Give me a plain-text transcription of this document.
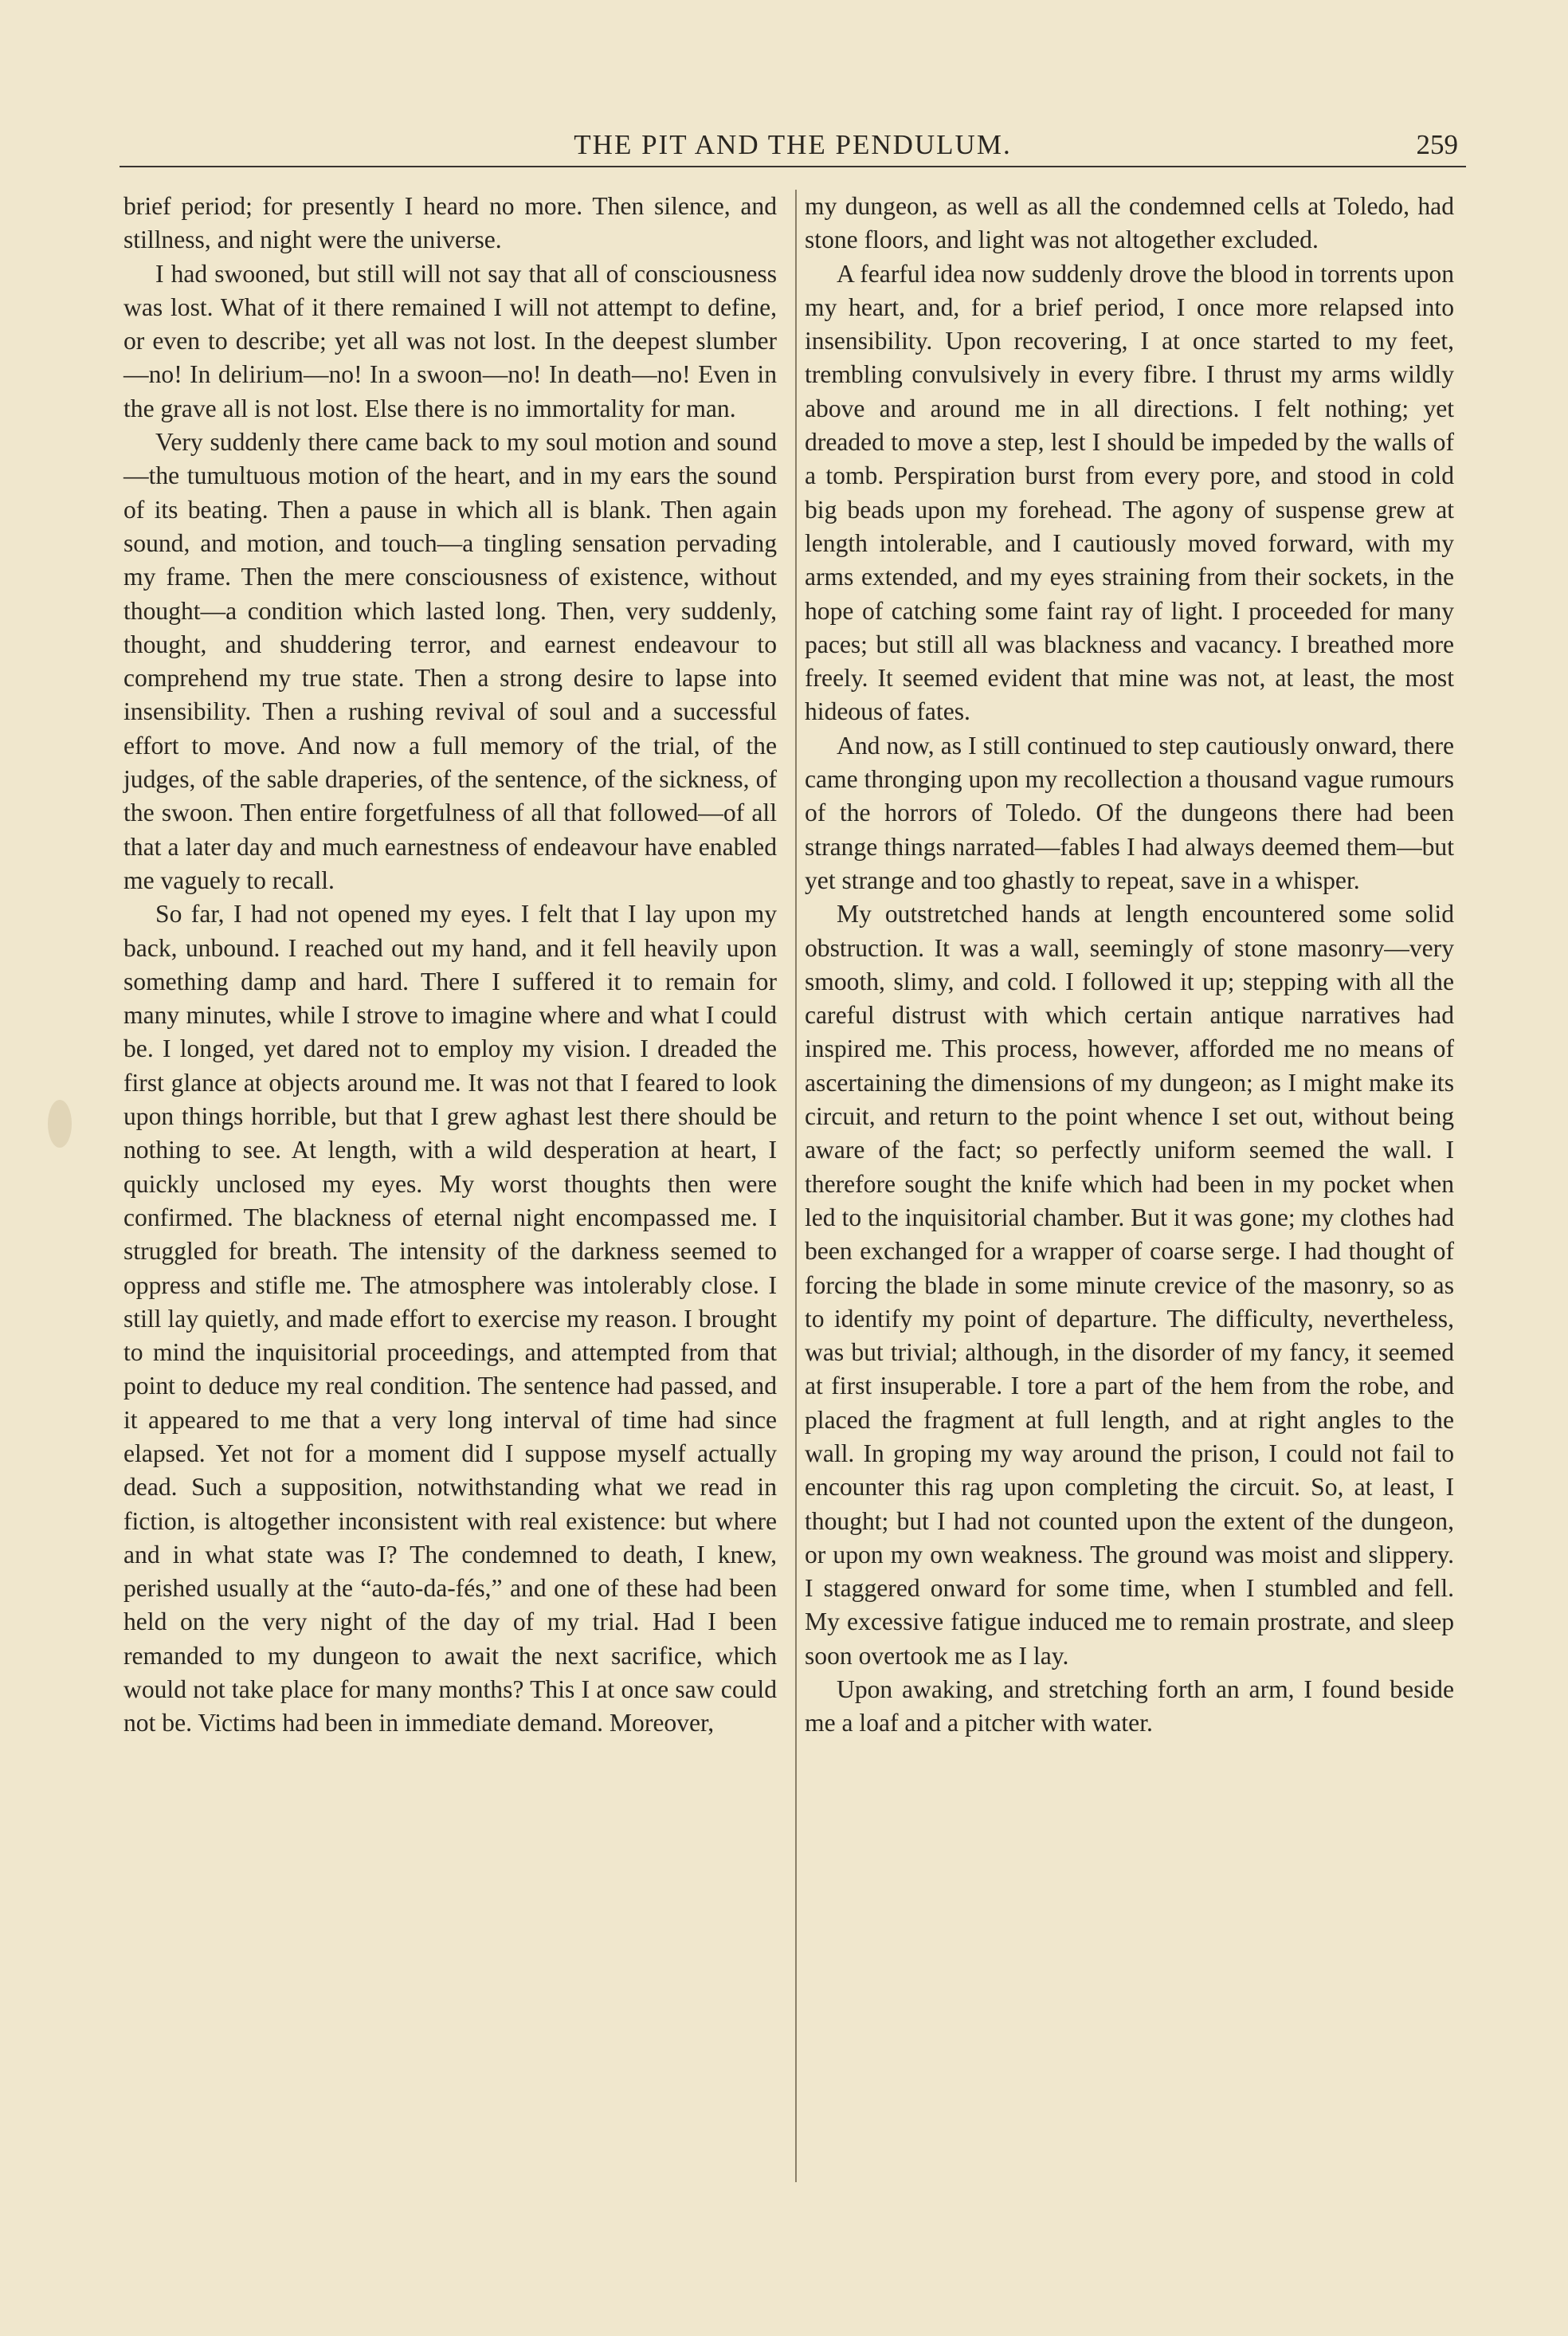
THE PIT AND THE PENDULUM.	259

brief period; for presently I heard no more. Then silence, and stillness, and night were the universe.

I had swooned, but still will not say that all of consciousness was lost. What of it there remained I will not attempt to define, or even to describe; yet all was not lost. In the deepest slumber—no! In delirium—no! In a swoon—no! In death—no! Even in the grave all is not lost. Else there is no immortality for man.

Very suddenly there came back to my soul motion and sound—the tumultuous motion of the heart, and in my ears the sound of its beating. Then a pause in which all is blank. Then again sound, and motion, and touch—a tingling sensation pervading my frame. Then the mere consciousness of existence, without thought—a condition which lasted long. Then, very suddenly, thought, and shuddering terror, and earnest endeavour to comprehend my true state. Then a strong desire to lapse into insensibility. Then a rushing revival of soul and a successful effort to move. And now a full memory of the trial, of the judges, of the sable draperies, of the sentence, of the sickness, of the swoon. Then entire forgetfulness of all that followed—of all that a later day and much earnestness of endeavour have enabled me vaguely to recall.

So far, I had not opened my eyes. I felt that I lay upon my back, unbound. I reached out my hand, and it fell heavily upon something damp and hard. There I suffered it to remain for many minutes, while I strove to imagine where and what I could be. I longed, yet dared not to employ my vision. I dreaded the first glance at objects around me. It was not that I feared to look upon things horrible, but that I grew aghast lest there should be nothing to see. At length, with a wild desperation at heart, I quickly unclosed my eyes. My worst thoughts then were confirmed. The blackness of eternal night encompassed me. I struggled for breath. The intensity of the darkness seemed to oppress and stifle me. The atmosphere was intolerably close. I still lay quietly, and made effort to exercise my reason. I brought to mind the inquisitorial proceedings, and attempted from that point to deduce my real condition. The sentence had passed, and it appeared to me that a very long interval of time had since elapsed. Yet not for a moment did I suppose myself actually dead. Such a supposition, notwithstanding what we read in fiction, is altogether inconsistent with real existence: but where and in what state was I? The condemned to death, I knew, perished usually at the “auto-da-fés,” and one of these had been held on the very night of the day of my trial. Had I been remanded to my dungeon to await the next sacrifice, which would not take place for many months? This I at once saw could not be. Victims had been in immediate demand. Moreover,

my dungeon, as well as all the condemned cells at Toledo, had stone floors, and light was not altogether excluded.

A fearful idea now suddenly drove the blood in torrents upon my heart, and, for a brief period, I once more relapsed into insensibility. Upon recovering, I at once started to my feet, trembling convulsively in every fibre. I thrust my arms wildly above and around me in all directions. I felt nothing; yet dreaded to move a step, lest I should be impeded by the walls of a tomb. Perspiration burst from every pore, and stood in cold big beads upon my forehead. The agony of suspense grew at length intolerable, and I cautiously moved forward, with my arms extended, and my eyes straining from their sockets, in the hope of catching some faint ray of light. I proceeded for many paces; but still all was blackness and vacancy. I breathed more freely. It seemed evident that mine was not, at least, the most hideous of fates.

And now, as I still continued to step cautiously onward, there came thronging upon my recollection a thousand vague rumours of the horrors of Toledo. Of the dungeons there had been strange things narrated—fables I had always deemed them—but yet strange and too ghastly to repeat, save in a whisper.

My outstretched hands at length encountered some solid obstruction. It was a wall, seemingly of stone masonry—very smooth, slimy, and cold. I followed it up; stepping with all the careful distrust with which certain antique narratives had inspired me. This process, however, afforded me no means of ascertaining the dimensions of my dungeon; as I might make its circuit, and return to the point whence I set out, without being aware of the fact; so perfectly uniform seemed the wall. I therefore sought the knife which had been in my pocket when led to the inquisitorial chamber. But it was gone; my clothes had been exchanged for a wrapper of coarse serge. I had thought of forcing the blade in some minute crevice of the masonry, so as to identify my point of departure. The difficulty, nevertheless, was but trivial; although, in the disorder of my fancy, it seemed at first insuperable. I tore a part of the hem from the robe, and placed the fragment at full length, and at right angles to the wall. In groping my way around the prison, I could not fail to encounter this rag upon completing the circuit. So, at least, I thought; but I had not counted upon the extent of the dungeon, or upon my own weakness. The ground was moist and slippery. I staggered onward for some time, when I stumbled and fell. My excessive fatigue induced me to remain prostrate, and sleep soon overtook me as I lay.

Upon awaking, and stretching forth an arm, I found beside me a loaf and a pitcher with water.
